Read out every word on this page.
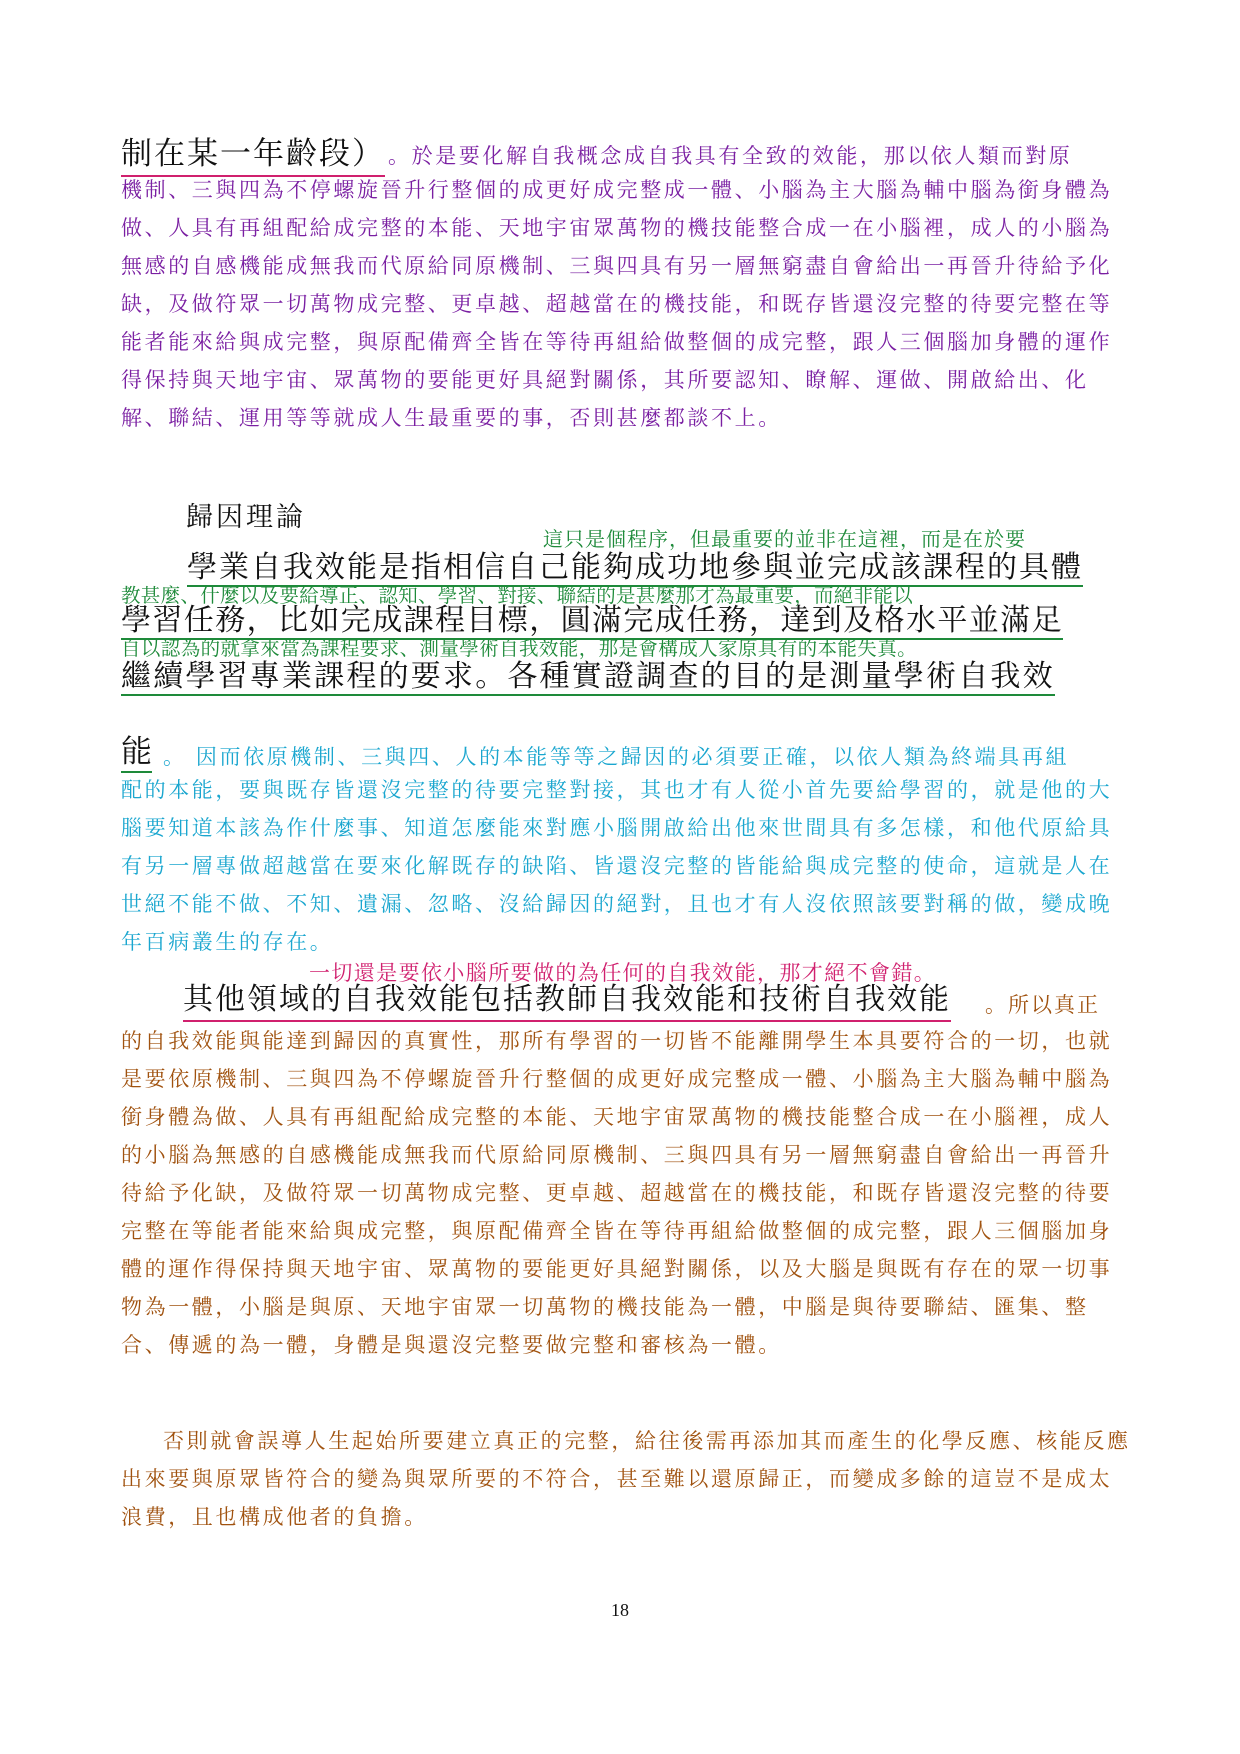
制在某一年齡段） 。於是要化解自我概念成自我具有全致的效能，那以依人類而對原
機制、三與四為不停螺旋晉升行整個的成更好成完整成一體、小腦為主大腦為輔中腦為銜身體為做、人具有再組配給成完整的本能、天地宇宙眾萬物的機技能整合成一在小腦裡，成人的小腦為無感的自感機能成無我而代原給同原機制、三與四具有另一層無窮盡自會給出一再晉升待給予化缺，及做符眾一切萬物成完整、更卓越、超越當在的機技能，和既存皆還沒完整的待要完整在等能者能來給與成完整，與原配備齊全皆在等待再組給做整個的成完整，跟人三個腦加身體的運作得保持與天地宇宙、眾萬物的要能更好具絕對關係，其所要認知、瞭解、運做、開啟給出、化解、聯結、運用等等就成人生最重要的事，否則甚麼都談不上。
歸因理論
這只是個程序，但最重要的並非在這裡，而是在於要
學業自我效能是指相信自己能夠成功地參與並完成該課程的具體
教甚麼、什麼以及要給導正、認知、學習、對接、聯結的是甚麼那才為最重要，而絕非能以
學習任務，比如完成課程目標，圓滿完成任務，達到及格水平並滿足
自以認為的就拿來當為課程要求、測量學術自我效能，那是會構成人家原具有的本能失真。
繼續學習專業課程的要求。各種實證調查的目的是測量學術自我效
能 。 因而依原機制、三與四、人的本能等等之歸因的必須要正確，以依人類為終端具再組
配的本能，要與既存皆還沒完整的待要完整對接，其也才有人從小首先要給學習的，就是他的大腦要知道本該為作什麼事、知道怎麼能來對應小腦開啟給出他來世間具有多怎樣，和他代原給具有另一層專做超越當在要來化解既存的缺陷、皆還沒完整的皆能給與成完整的使命，這就是人在世絕不能不做、不知、遺漏、忽略、沒給歸因的絕對，且也才有人沒依照該要對稱的做，變成晚年百病叢生的存在。
一切還是要依小腦所要做的為任何的自我效能，那才絕不會錯。
其他領域的自我效能包括教師自我效能和技術自我效能 。所以真正
的自我效能與能達到歸因的真實性，那所有學習的一切皆不能離開學生本具要符合的一切，也就是要依原機制、三與四為不停螺旋晉升行整個的成更好成完整成一體、小腦為主大腦為輔中腦為銜身體為做、人具有再組配給成完整的本能、天地宇宙眾萬物的機技能整合成一在小腦裡，成人的小腦為無感的自感機能成無我而代原給同原機制、三與四具有另一層無窮盡自會給出一再晉升待給予化缺，及做符眾一切萬物成完整、更卓越、超越當在的機技能，和既存皆還沒完整的待要完整在等能者能來給與成完整，與原配備齊全皆在等待再組給做整個的成完整，跟人三個腦加身體的運作得保持與天地宇宙、眾萬物的要能更好具絕對關係，以及大腦是與既有存在的眾一切事物為一體，小腦是與原、天地宇宙眾一切萬物的機技能為一體，中腦是與待要聯結、匯集、整合、傳遞的為一體，身體是與還沒完整要做完整和審核為一體。
否則就會誤導人生起始所要建立真正的完整，給往後需再添加其而產生的化學反應、核能反應出來要與原眾皆符合的變為與眾所要的不符合，甚至難以還原歸正，而變成多餘的這豈不是成太浪費，且也構成他者的負擔。
18
